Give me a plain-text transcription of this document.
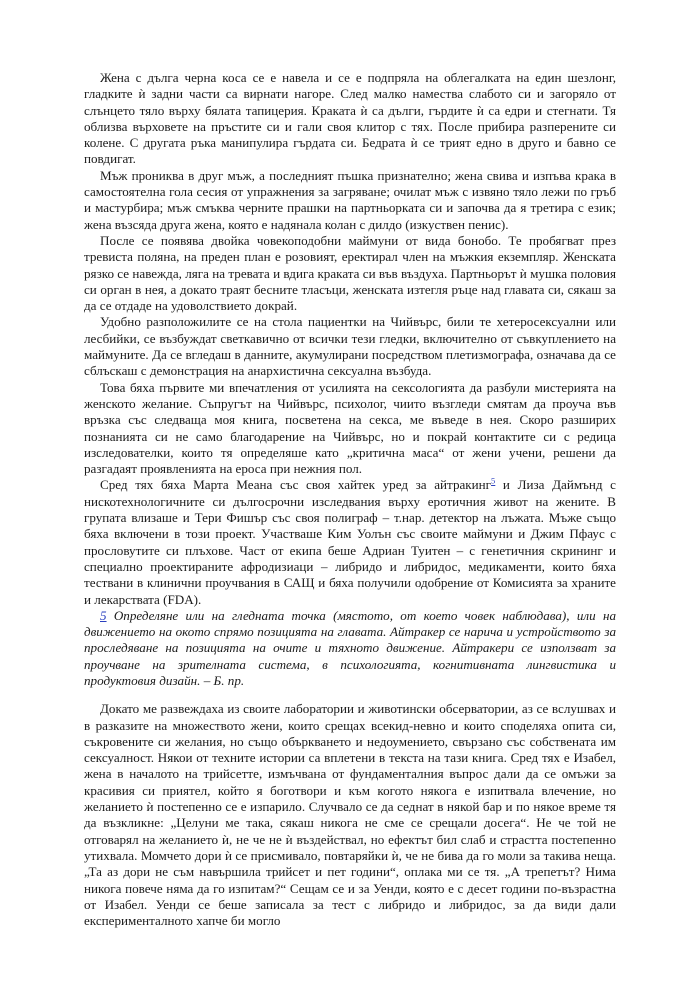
Жена с дълга черна коса се е навела и се е подпряла на облегалката на един шезлонг, гладките ѝ задни части са вирнати нагоре. След малко намества слабото си и загоряло от слънцето тяло върху бялата тапицерия. Краката ѝ са дълги, гърдите ѝ са едри и стегнати. Тя облизва върховете на пръстите си и гали своя клитор с тях. После прибира разперените си колене. С другата ръка манипулира гърдата си. Бедрата ѝ се трият едно в друго и бавно се повдигат.

Мъж прониква в друг мъж, а последният пъшка признателно; жена свива и изпъва крака в самостоятелна гола сесия от упражнения за загряване; очилат мъж с извяно тяло лежи по гръб и мастурбира; мъж смъква черните прашки на партньорката си и започва да я третира с език; жена възсяда друга жена, която е надянала колан с дилдо (изкуствен пенис).

После се появява двойка човекоподобни маймуни от вида бонобо. Те пробягват през тревиста поляна, на преден план е розовият, еректирал член на мъжкия екземпляр. Женската рязко се навежда, ляга на тревата и вдига краката си във въздуха. Партньорът ѝ мушка половия си орган в нея, а докато траят бесните тласъци, женската изтегля ръце над главата си, сякаш за да се отдаде на удоволствието докрай.

Удобно разположилите се на стола пациентки на Чийвърс, били те хетеросексуални или лесбийки, се възбуждат светкавично от всички тези гледки, включително от съвкуплението на маймуните. Да се вгледаш в данните, акумулирани посредством плетизмографа, означава да се сблъскаш с демонстрация на анархистична сексуална възбуда.

Това бяха първите ми впечатления от усилията на сексологията да разбули мистерията на женското желание. Съпругът на Чийвърс, психолог, чиито възгледи смятам да проуча във връзка със следваща моя книга, посветена на секса, ме въведе в нея. Скоро разширих познанията си не само благодарение на Чийвърс, но и покрай контактите си с редица изследователки, които тя определяше като „критична маса“ от жени учени, решени да разгадаят проявленията на ероса при нежния пол.

Сред тях бяха Марта Меана със своя хайтек уред за айтракинг$^5$ и Лиза Даймънд с нискотехнологичните си дългосрочни изследвания върху еротичния живот на жените. В групата влизаше и Тери Фишър със своя полиграф – т.нар. детектор на лъжата. Мъже също бяха включени в този проект. Участваше Ким Уолън със своите маймуни и Джим Пфаус с прословутите си плъхове. Част от екипа беше Адриан Туитен – с генетичния скрининг и специално проектираните афродизиаци – либридо и либридос, медикаменти, които бяха тествани в клинични проучвания в САЩ и бяха получили одобрение от Комисията за храните и лекарствата (FDA).

5 Определяне или на гледната точка (мястото, от което човек наблюдава), или на движението на окото спрямо позицията на главата. Айтракер се нарича и устройството за проследяване на позицията на очите и тяхното движение. Айтракери се използват за проучване на зрителната система, в психологията, когнитивната лингвистика и продуктовия дизайн. – Б. пр.

Докато ме развеждаха из своите лаборатории и животински обсерватории, аз се вслушвах и в разказите на множеството жени, които срещах всекид-невно и които споделяха опита си, съкровените си желания, но също объркването и недоумението, свързано със собствената им сексуалност. Някои от техните истории са вплетени в текста на тази книга. Сред тях е Изабел, жена в началото на трийсетте, измъчвана от фундаменталния въпрос дали да се омъжи за красивия си приятел, който я боготвори и към когото някога е изпитвала влечение, но желанието ѝ постепенно се е изпарило. Случвало се да седнат в някой бар и по някое време тя да възкликне: „Целуни ме така, сякаш никога не сме се срещали досега“. Не че той не отговарял на желанието ѝ, не че не ѝ въздействал, но ефектът бил слаб и страстта постепенно утихвала. Момчето дори ѝ се присмивало, повтаряйки ѝ, че не бива да го моли за такива неща. „Та аз дори не съм навършила трийсет и пет години“, оплака ми се тя. „А трепетът? Нима никога повече няма да го изпитам?“ Сещам се и за Уенди, която е с десет години по-възрастна от Изабел. Уенди се беше записала за тест с либридо и либридос, за да види дали експерименталното хапче би могло
